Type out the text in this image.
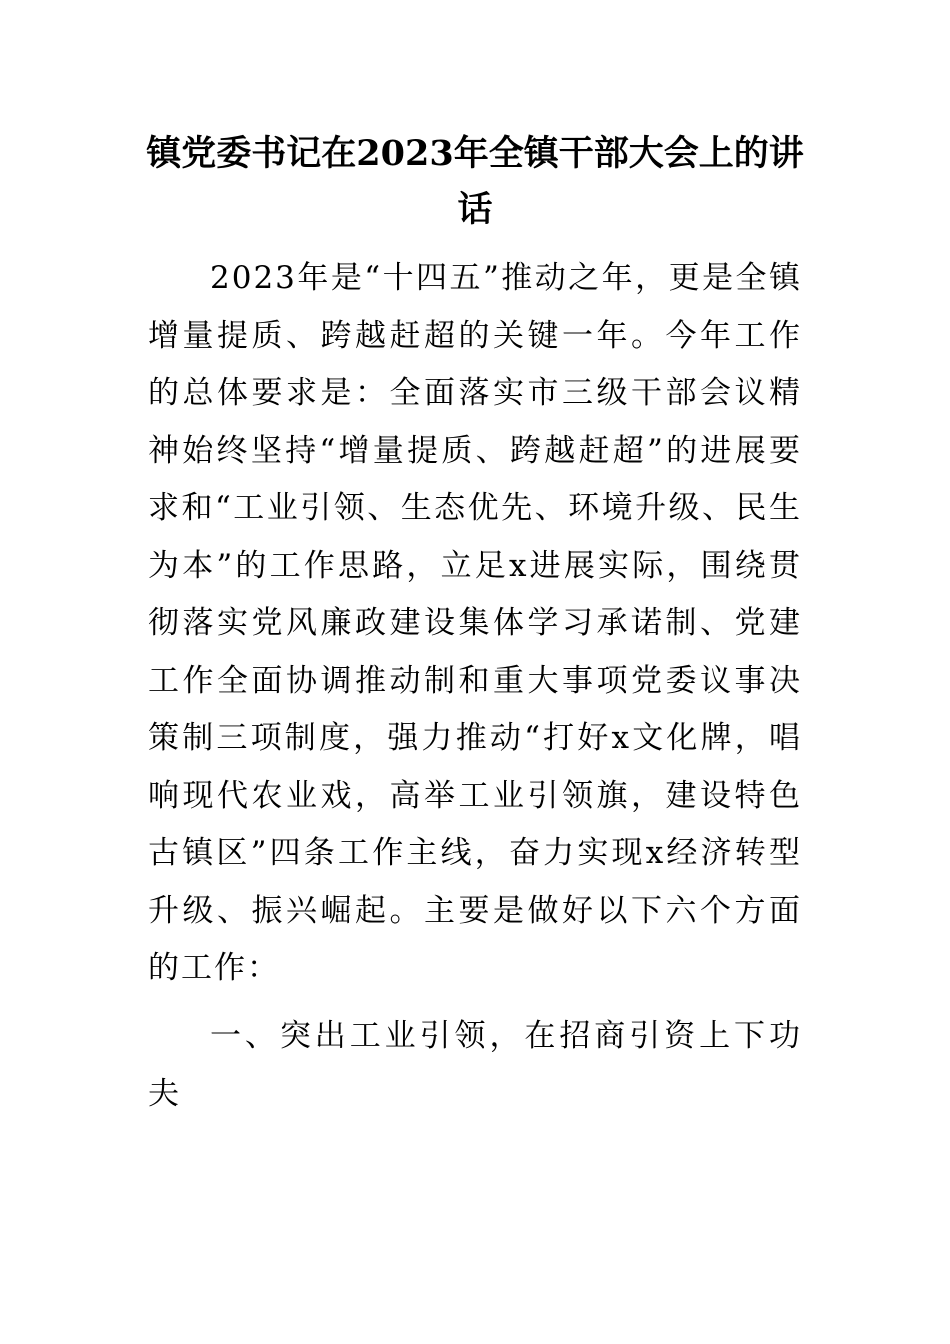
镇党委书记在2023年全镇干部大会上的讲话
2023年是“十四五”推动之年，更是全镇增量提质、跨越赶超的关键一年。今年工作的总体要求是：全面落实市三级干部会议精神始终坚持“增量提质、跨越赶超”的进展要求和“工业引领、生态优先、环境升级、民生为本”的工作思路，立足x进展实际，围绕贯彻落实党风廉政建设集体学习承诺制、党建工作全面协调推动制和重大事项党委议事决策制三项制度，强力推动“打好x文化牌，唱响现代农业戏，高举工业引领旗，建设特色古镇区”四条工作主线，奋力实现x经济转型升级、振兴崛起。主要是做好以下六个方面的工作：
一、突出工业引领，在招商引资上下功夫
